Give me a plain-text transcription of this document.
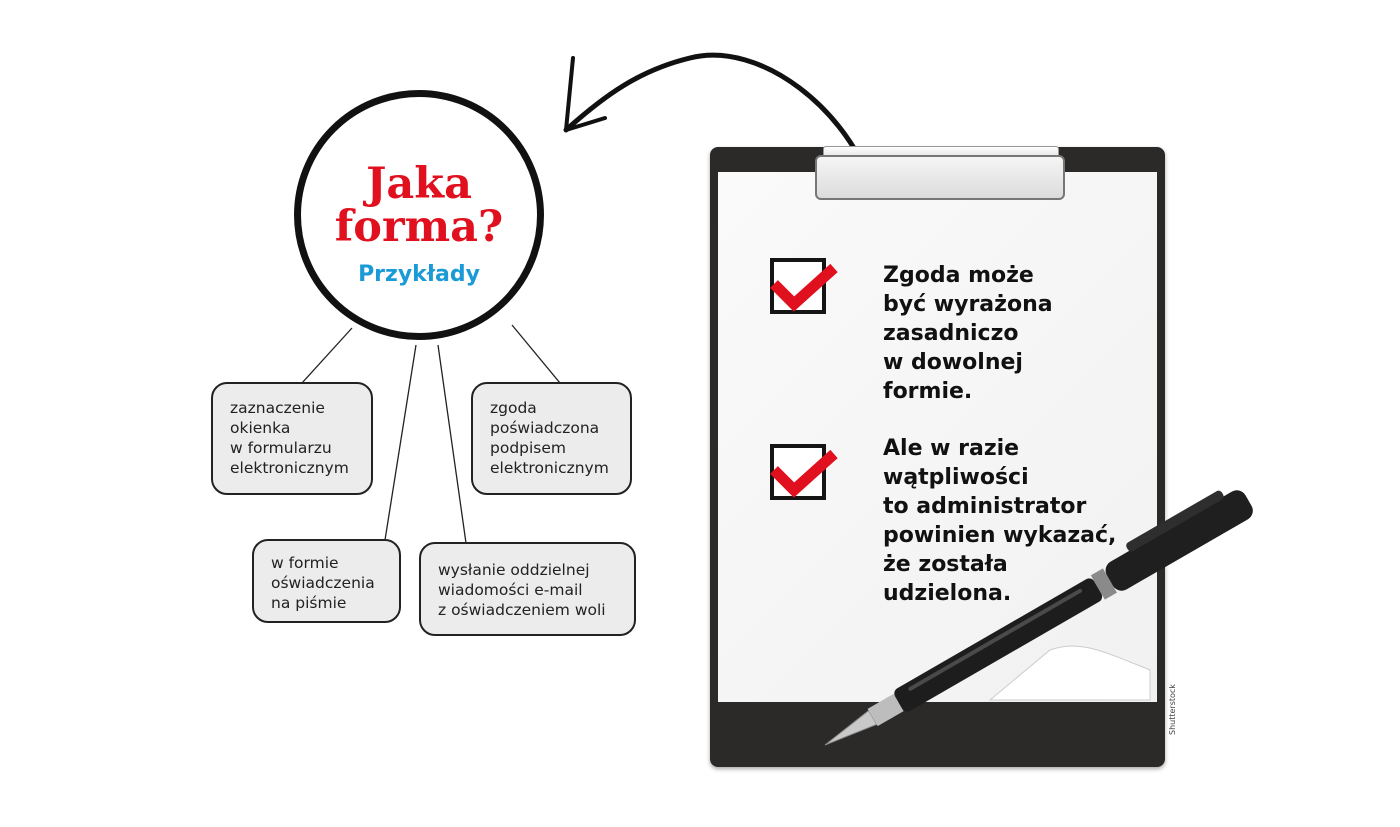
Jaka
forma?
Przykłady
zaznaczenie
okienka
w formularzu
elektronicznym
zgoda
poświadczona
podpisem
elektronicznym
w formie
oświadczenia
na piśmie
wysłanie oddzielnej
wiadomości e-mail
z oświadczeniem woli
Zgoda może
być wyrażona
zasadniczo
w dowolnej
formie.
Ale w razie
wątpliwości
to administrator
powinien wykazać,
że została
udzielona.
Shutterstock
